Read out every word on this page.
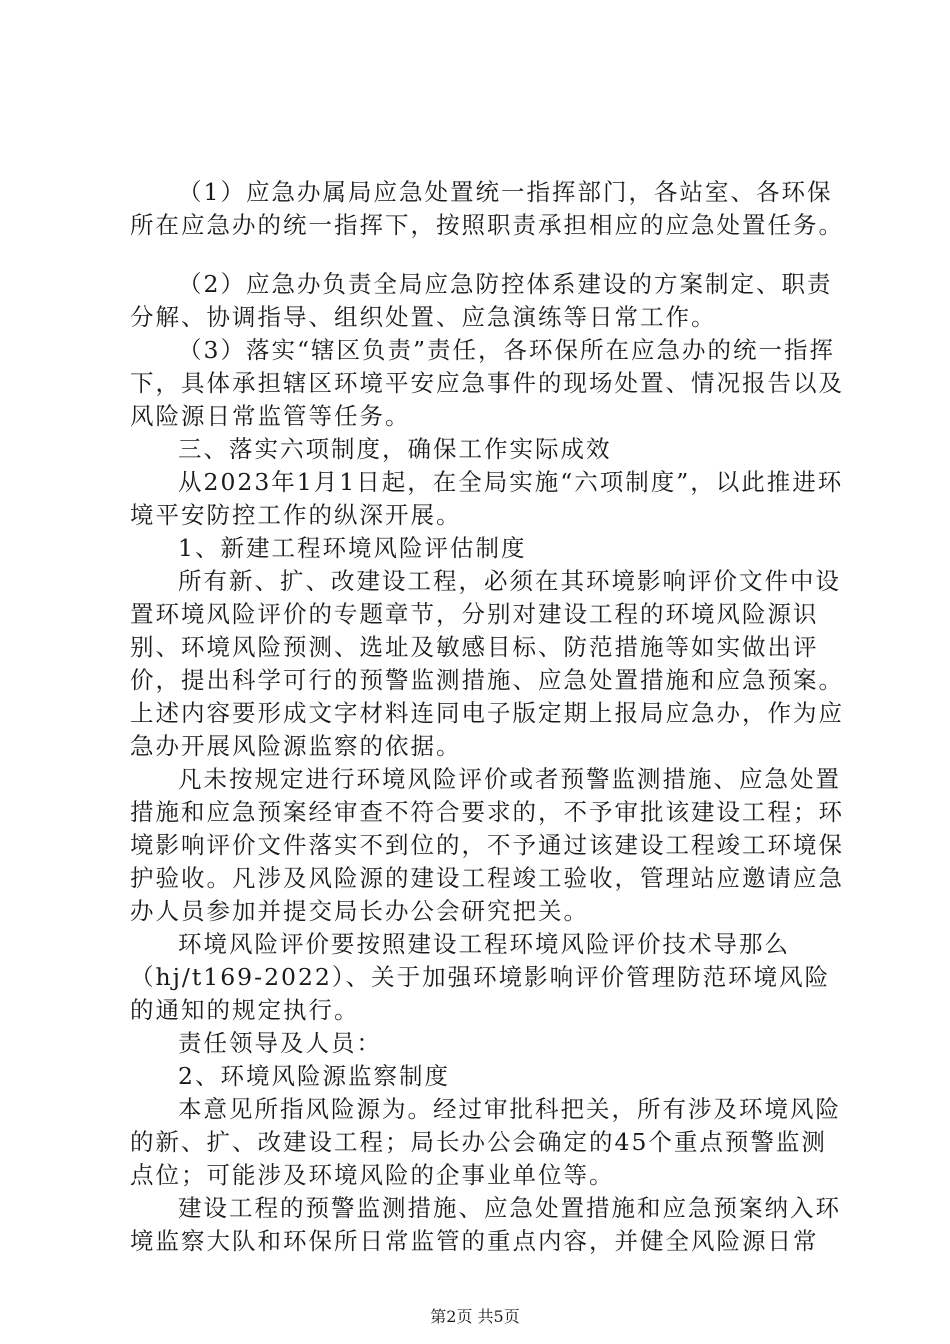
（1）应急办属局应急处置统一指挥部门，各站室、各环保所在应急办的统一指挥下，按照职责承担相应的应急处置任务。

（2）应急办负责全局应急防控体系建设的方案制定、职责分解、协调指导、组织处置、应急演练等日常工作。

（3）落实“辖区负责”责任，各环保所在应急办的统一指挥下，具体承担辖区环境平安应急事件的现场处置、情况报告以及风险源日常监管等任务。

三、落实六项制度，确保工作实际成效

从2023年1月1日起，在全局实施“六项制度”，以此推进环境平安防控工作的纵深开展。

1、新建工程环境风险评估制度

所有新、扩、改建设工程，必须在其环境影响评价文件中设置环境风险评价的专题章节，分别对建设工程的环境风险源识别、环境风险预测、选址及敏感目标、防范措施等如实做出评价，提出科学可行的预警监测措施、应急处置措施和应急预案。上述内容要形成文字材料连同电子版定期上报局应急办，作为应急办开展风险源监察的依据。

凡未按规定进行环境风险评价或者预警监测措施、应急处置措施和应急预案经审查不符合要求的，不予审批该建设工程；环境影响评价文件落实不到位的，不予通过该建设工程竣工环境保护验收。凡涉及风险源的建设工程竣工验收，管理站应邀请应急办人员参加并提交局长办公会研究把关。

环境风险评价要按照建设工程环境风险评价技术导那么（hj/t169-2022）、关于加强环境影响评价管理防范环境风险的通知的规定执行。

责任领导及人员：

2、环境风险源监察制度

本意见所指风险源为。经过审批科把关，所有涉及环境风险的新、扩、改建设工程；局长办公会确定的45个重点预警监测点位；可能涉及环境风险的企事业单位等。

建设工程的预警监测措施、应急处置措施和应急预案纳入环境监察大队和环保所日常监管的重点内容，并健全风险源日常

第2页 共5页
